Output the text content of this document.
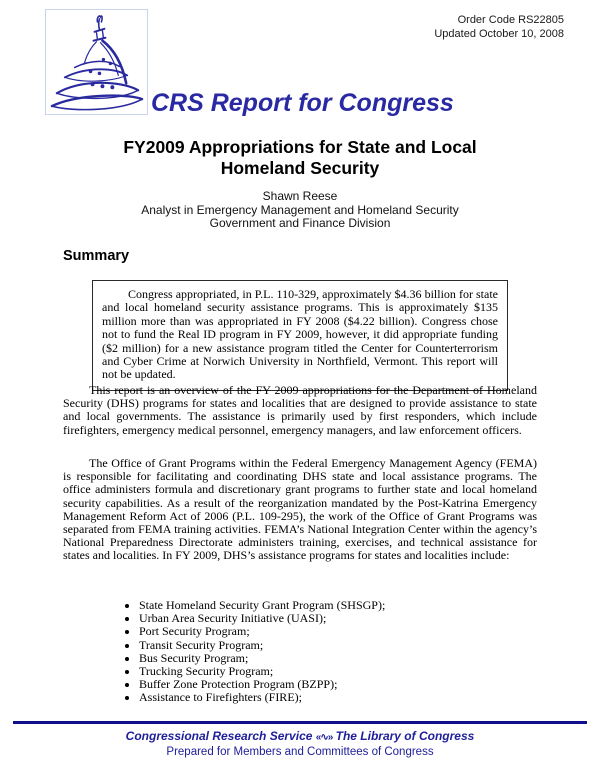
Order Code RS22805
Updated October 10, 2008
CRS Report for Congress
FY2009 Appropriations for State and Local Homeland Security
Shawn Reese
Analyst in Emergency Management and Homeland Security
Government and Finance Division
Summary

Congress appropriated, in P.L. 110-329, approximately $4.36 billion for state and local homeland security assistance programs. This is approximately $135 million more than was appropriated in FY 2008 ($4.22 billion). Congress chose not to fund the Real ID program in FY 2009, however, it did appropriate funding ($2 million) for a new assistance program titled the Center for Counterterrorism and Cyber Crime at Norwich University in Northfield, Vermont. This report will not be updated.

This report is an overview of the FY 2009 appropriations for the Department of Homeland Security (DHS) programs for states and localities that are designed to provide assistance to state and local governments. The assistance is primarily used by first responders, which include firefighters, emergency medical personnel, emergency managers, and law enforcement officers.

The Office of Grant Programs within the Federal Emergency Management Agency (FEMA) is responsible for facilitating and coordinating DHS state and local assistance programs. The office administers formula and discretionary grant programs to further state and local homeland security capabilities. As a result of the reorganization mandated by the Post-Katrina Emergency Management Reform Act of 2006 (P.L. 109-295), the work of the Office of Grant Programs was separated from FEMA training activities. FEMA’s National Integration Center within the agency’s National Preparedness Directorate administers training, exercises, and technical assistance for states and localities. In FY 2009, DHS’s assistance programs for states and localities include:

• State Homeland Security Grant Program (SHSGP);
• Urban Area Security Initiative (UASI);
• Port Security Program;
• Transit Security Program;
• Bus Security Program;
• Trucking Security Program;
• Buffer Zone Protection Program (BZPP);
• Assistance to Firefighters (FIRE);
Congressional Research Service «∿» The Library of Congress
Prepared for Members and Committees of Congress
